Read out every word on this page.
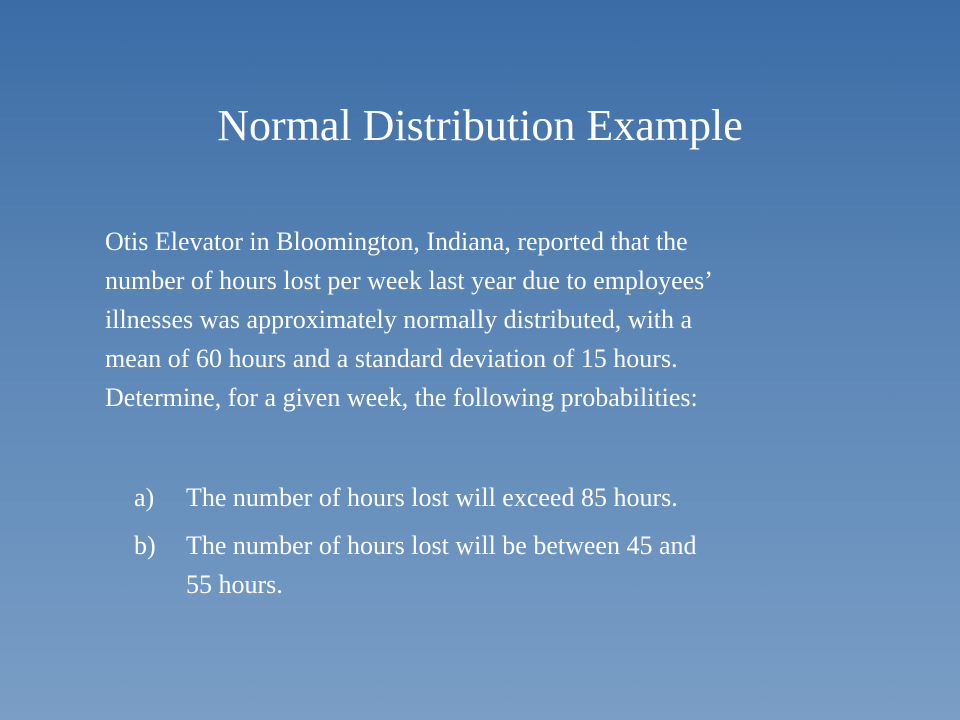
Normal Distribution Example

Otis Elevator in Bloomington, Indiana, reported that the
number of hours lost per week last year due to employees’
illnesses was approximately normally distributed, with a
mean of 60 hours and a standard deviation of 15 hours.
Determine, for a given week, the following probabilities:

a) The number of hours lost will exceed 85 hours.
b) The number of hours lost will be between 45 and
55 hours.
